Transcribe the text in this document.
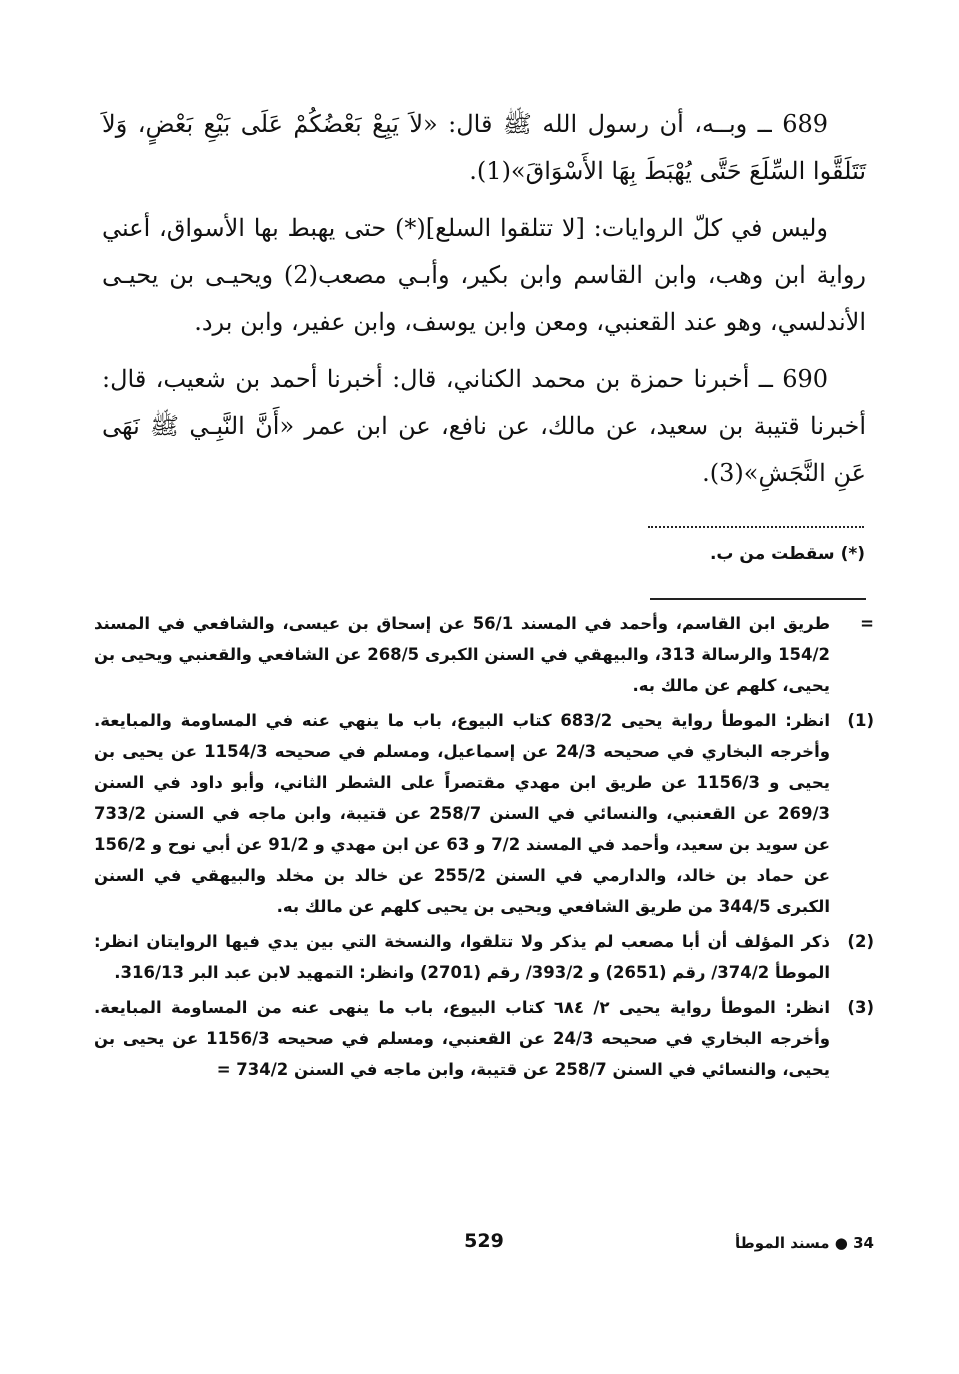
689 ــ وبــه، أن رسول الله ﷺ قال: «لاَ يَبِعْ بَعْضُكُمْ عَلَى بَيْعِ بَعْضٍ، وَلاَ تَتَلَقَّوا السِّلَعَ حَتَّى يُهْبَطَ بِهَا الأَسْوَاقَ»(1).

وليس في كلّ الروايات: [لا تتلقوا السلع](*) حتى يهبط بها الأسواق، أعني رواية ابن وهب، وابن القاسم وابن بكير، وأبـي مصعب(2) ويحيـى بن يحيـى الأندلسي، وهو عند القعنبي، ومعن وابن يوسف، وابن عفير، وابن برد.

690 ــ أخبرنا حمزة بن محمد الكناني، قال: أخبرنا أحمد بن شعيب، قال: أخبرنا قتيبة بن سعيد، عن مالك، عن نافع، عن ابن عمر «أَنَّ النَّبِـي ﷺ نَهَى عَنِ النَّجَشِ»(3).

(*) سقطت من ب.
=
طريق ابن القاسم، وأحمد في المسند 56/1 عن إسحاق بن عيسى، والشافعي في المسند 154/2 والرسالة 313، والبيهقي في السنن الكبرى 268/5 عن الشافعي والقعنبي ويحيى بن يحيى، كلهم عن مالك به.
(1)
انظر: الموطأ رواية يحيى 683/2 كتاب البيوع، باب ما ينهي عنه في المساومة والمبايعة. وأخرجه البخاري في صحيحه 24/3 عن إسماعيل، ومسلم في صحيحه 1154/3 عن يحيى بن يحيى و 1156/3 عن طريق ابن مهدي مقتصراً على الشطر الثاني، وأبو داود في السنن 269/3 عن القعنبي، والنسائي في السنن 258/7 عن قتيبة، وابن ماجه في السنن 733/2 عن سويد بن سعيد، وأحمد في المسند 7/2 و 63 عن ابن مهدي و 91/2 عن أبي نوح و 156/2 عن حماد بن خالد، والدارمي في السنن 255/2 عن خالد بن مخلد والبيهقي في السنن الكبرى 344/5 من طريق الشافعي ويحيى بن يحيى كلهم عن مالك به.
(2)
ذكر المؤلف أن أبا مصعب لم يذكر ولا تتلقوا، والنسخة التي بين يدي فيها الروايتان انظر: الموطأ 374/2/ رقم (2651) و 393/2/ رقم (2701) وانظر: التمهيد لابن عبد البر 316/13.
(3)
انظر: الموطأ رواية يحيى ٢/ ٦٨٤ كتاب البيوع، باب ما ينهى عنه من المساومة المبايعة. وأخرجه البخاري في صحيحه 24/3 عن القعنبي، ومسلم في صحيحه 1156/3 عن يحيى بن يحيى، والنسائي في السنن 258/7 عن قتيبة، وابن ماجه في السنن 734/2 =
529	34 ● مسند الموطأ
